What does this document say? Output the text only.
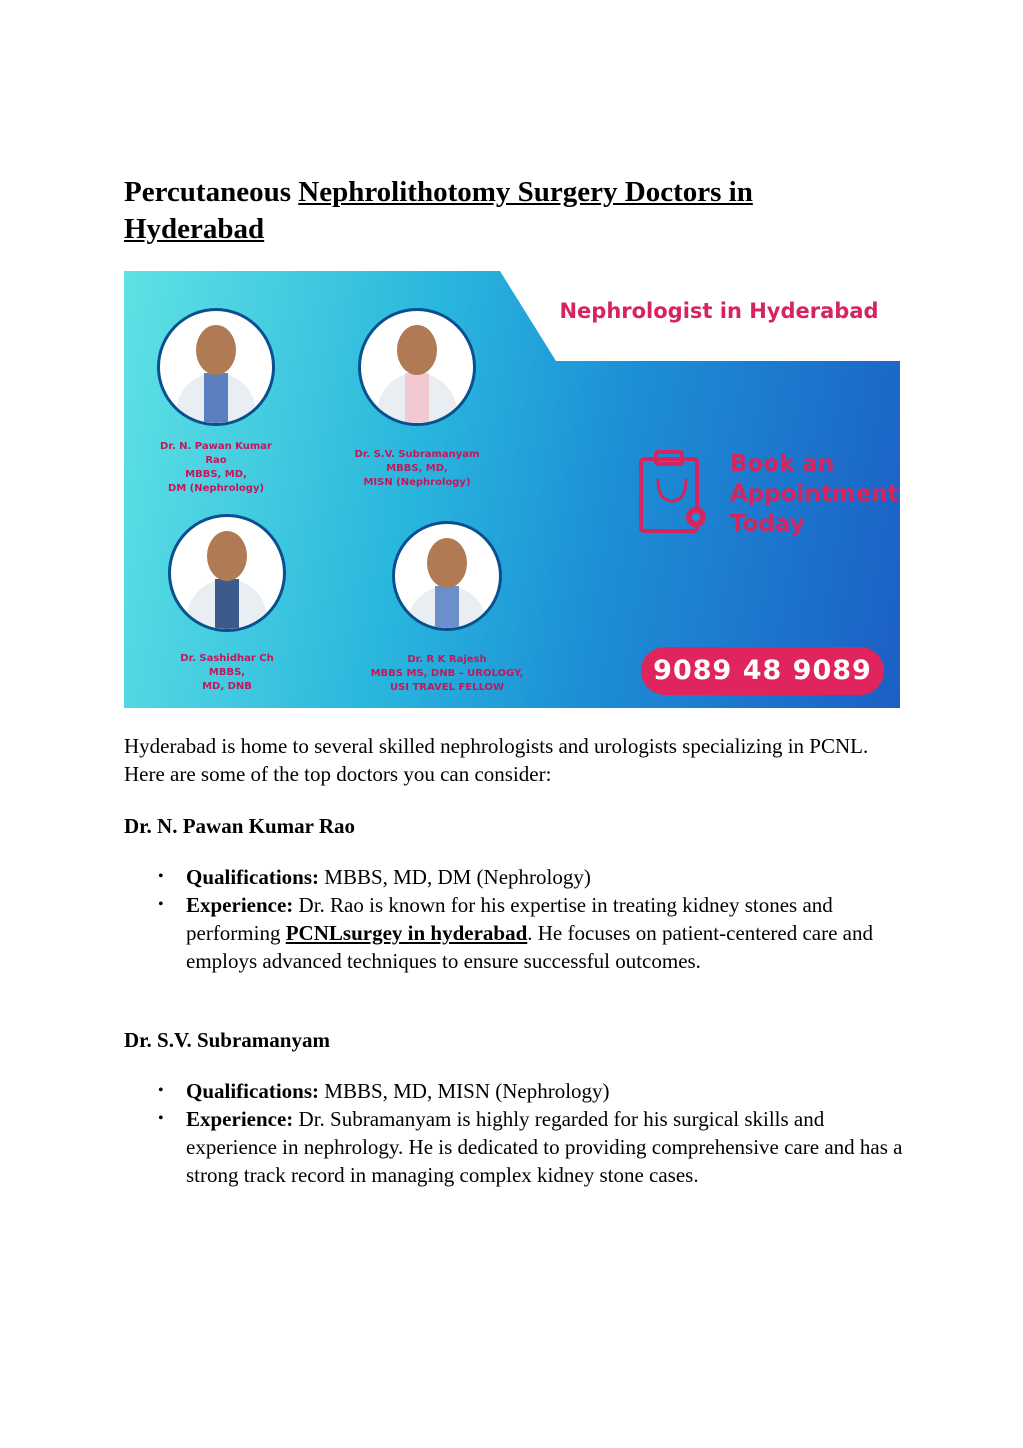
Percutaneous Nephrolithotomy Surgery Doctors in Hyderabad
Nephrologist in Hyderabad
Dr. N. Pawan Kumar
Rao
MBBS, MD,
DM (Nephrology)
Dr. S.V. Subramanyam
MBBS, MD,
MISN (Nephrology)
Dr. Sashidhar Ch
MBBS,
MD, DNB
Dr. R K Rajesh
MBBS MS, DNB – UROLOGY,
USI TRAVEL FELLOW
Book an
Appointment
Today
9089 48 9089

Hyderabad is home to several skilled nephrologists and urologists specializing in PCNL. Here are some of the top doctors you can consider:

Dr. N. Pawan Kumar Rao
• Qualifications: MBBS, MD, DM (Nephrology)
• Experience: Dr. Rao is known for his expertise in treating kidney stones and performing PCNLsurgey in hyderabad. He focuses on patient-centered care and employs advanced techniques to ensure successful outcomes.
Dr. S.V. Subramanyam
• Qualifications: MBBS, MD, MISN (Nephrology)
• Experience: Dr. Subramanyam is highly regarded for his surgical skills and experience in nephrology. He is dedicated to providing comprehensive care and has a strong track record in managing complex kidney stone cases.
